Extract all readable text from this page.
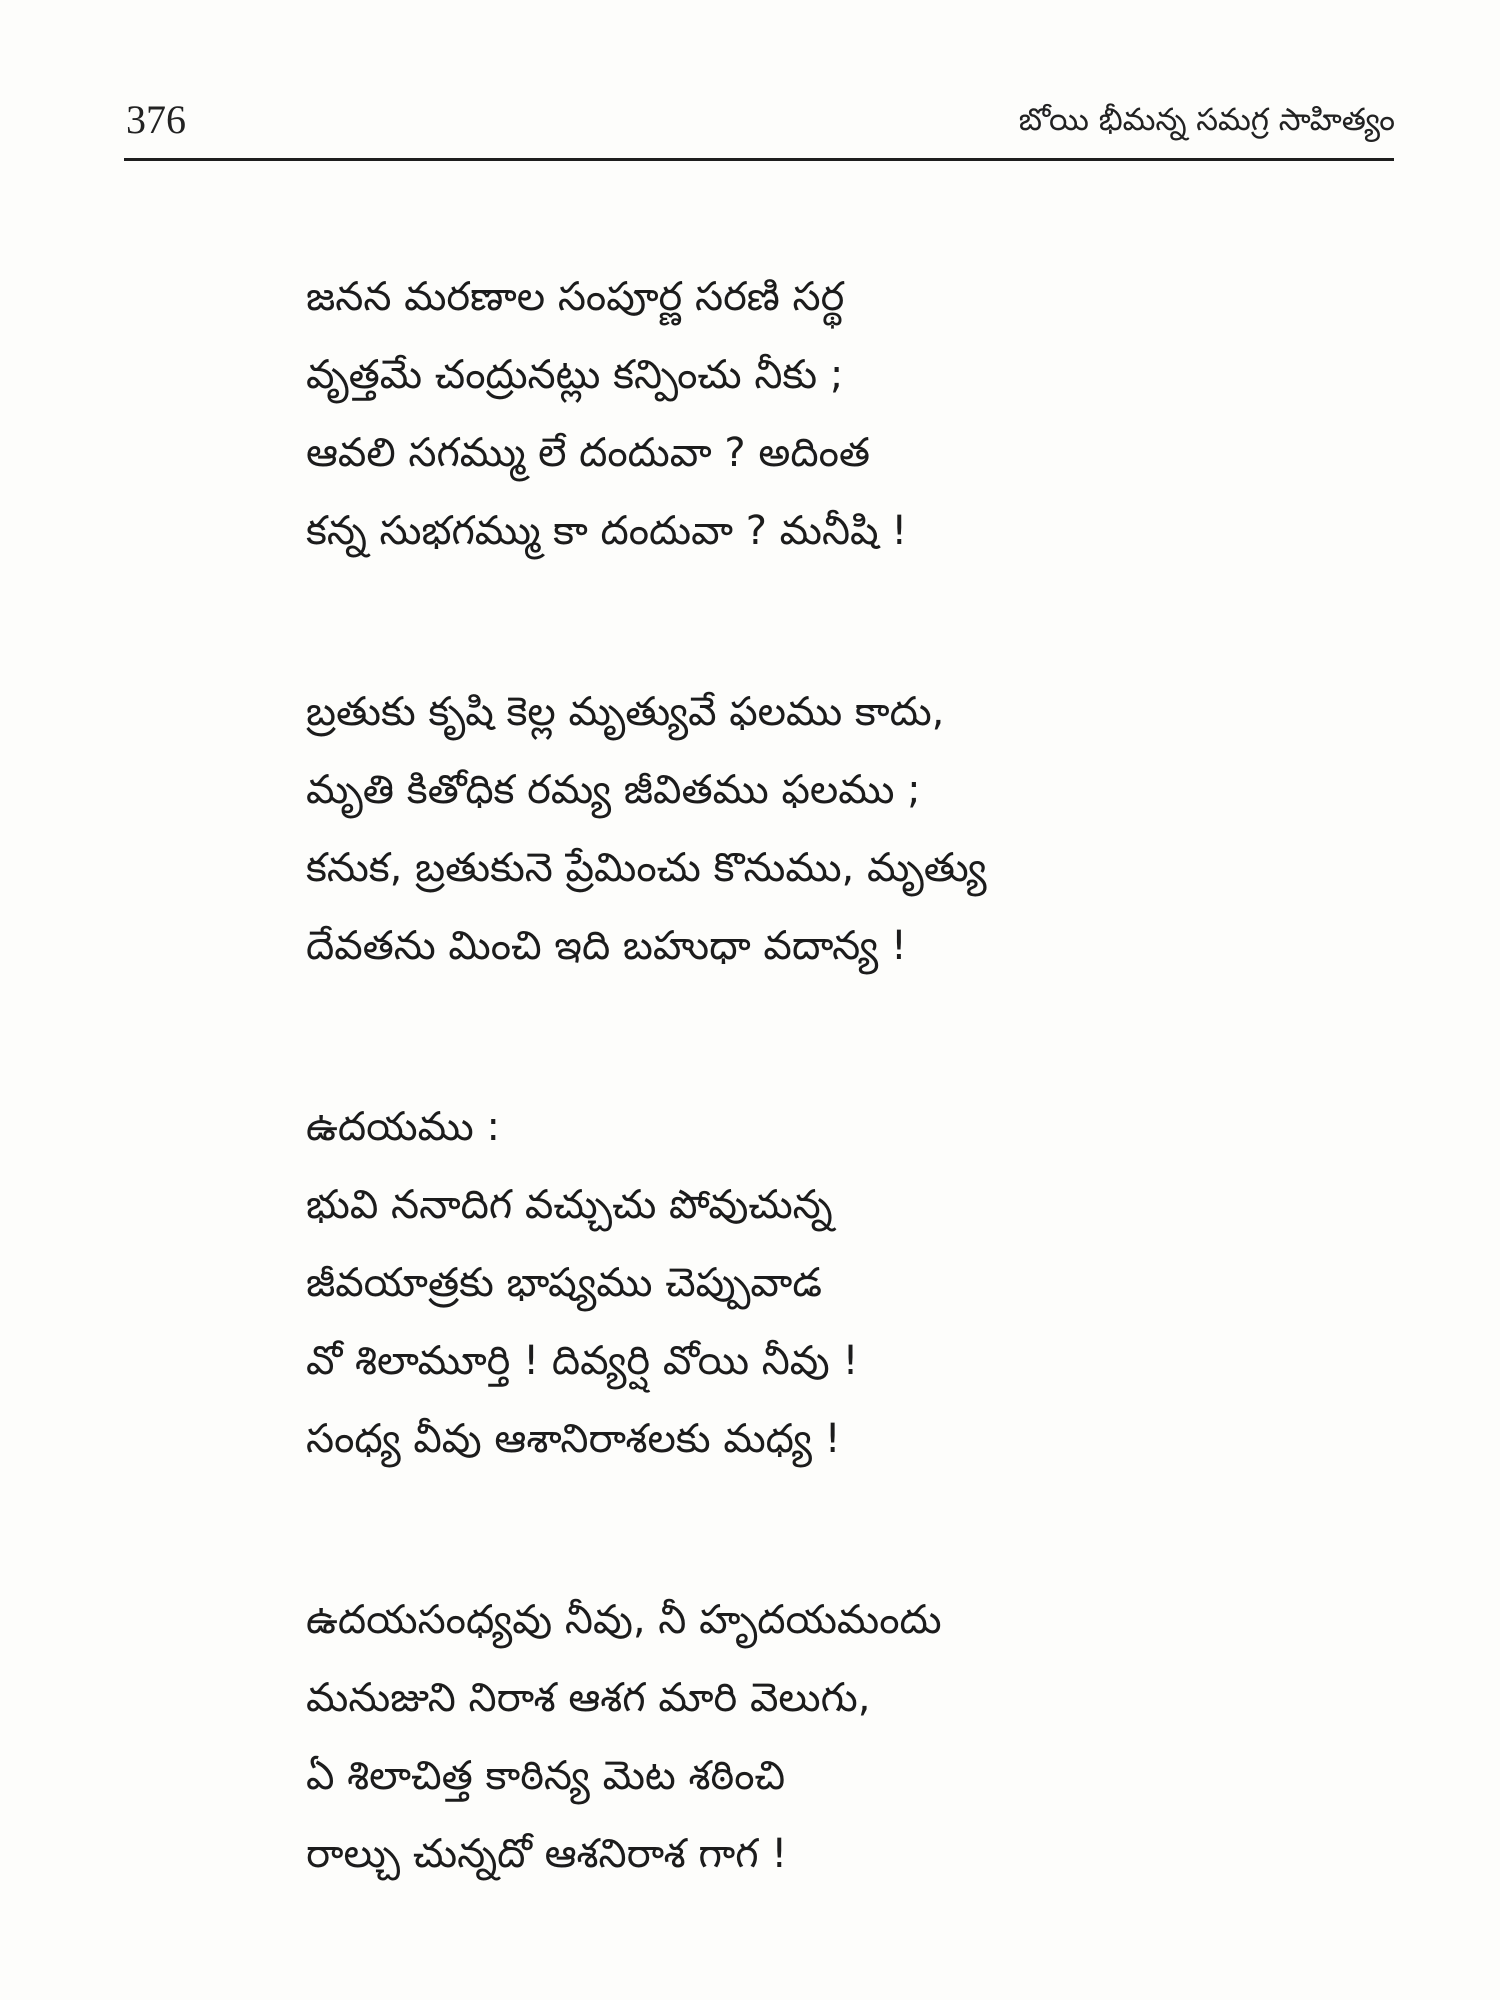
376	బోయి భీమన్న సమగ్ర సాహిత్యం
జనన మరణాల సంపూర్ణ సరణి సర్థ
వృత్తమే చంద్రునట్లు కన్పించు నీకు ;
ఆవలి సగమ్ము లే దందువా ? అదింత
కన్న సుభగమ్ము కా దందువా ? మనీషి !
బ్రతుకు కృషి కెల్ల మృత్యువే ఫలము కాదు,
మృతి కితోధిక రమ్య జీవితము ఫలము ;
కనుక, బ్రతుకునె ప్రేమించు కొనుము, మృత్యు
దేవతను మించి ఇది బహుధా వదాన్య !
ఉదయము :
భువి ననాదిగ వచ్చుచు పోవుచున్న
జీవయాత్రకు భాష్యము చెప్పువాడ
వో శిలామూర్తి ! దివ్యర్షి వోయి నీవు !
సంధ్య వీవు ఆశానిరాశలకు మధ్య !
ఉదయసంధ్యవు నీవు, నీ హృదయమందు
మనుజుని నిరాశ ఆశగ మారి వెలుగు,
ఏ శిలాచిత్త కాఠిన్య మెట శఠించి
రాల్చు చున్నదో ఆశనిరాశ గాగ !
